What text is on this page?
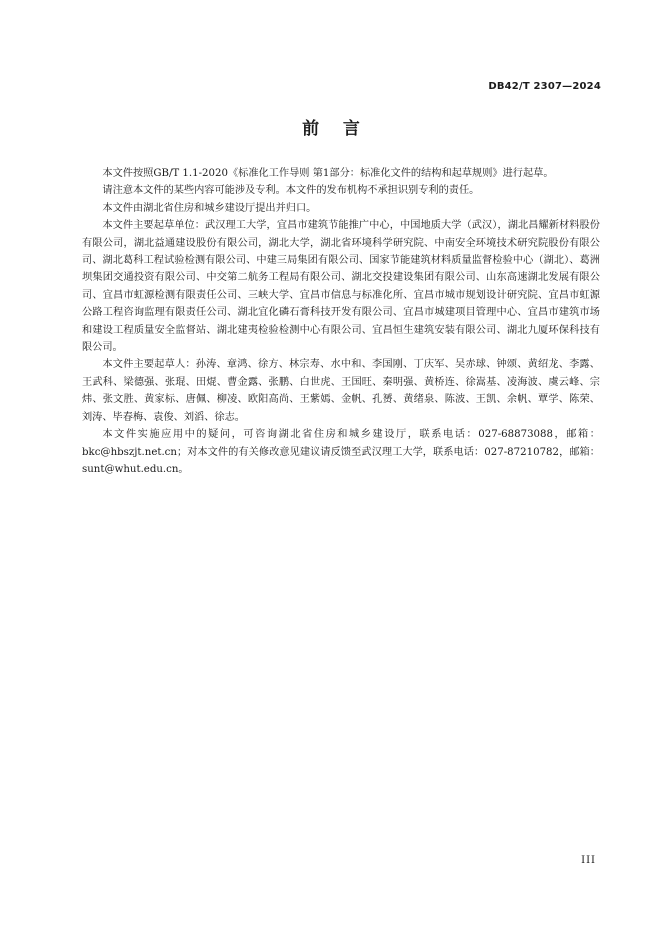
DB42/T 2307—2024
前    言

本文件按照GB/T 1.1-2020《标准化工作导则 第1部分：标准化文件的结构和起草规则》进行起草。

请注意本文件的某些内容可能涉及专利。本文件的发布机构不承担识别专利的责任。

本文件由湖北省住房和城乡建设厅提出并归口。

本文件主要起草单位：武汉理工大学，宜昌市建筑节能推广中心，中国地质大学（武汉），湖北昌耀新材料股份有限公司，湖北益通建设股份有限公司，湖北大学，湖北省环境科学研究院、中南安全环境技术研究院股份有限公司、湖北葛科工程试验检测有限公司、中建三局集团有限公司、国家节能建筑材料质量监督检验中心（湖北）、葛洲坝集团交通投资有限公司、中交第二航务工程局有限公司、湖北交投建设集团有限公司、山东高速湖北发展有限公司、宜昌市虹源检测有限责任公司、三峡大学、宜昌市信息与标准化所、宜昌市城市规划设计研究院、宜昌市虹源公路工程咨询监理有限责任公司、湖北宜化磷石膏科技开发有限公司、宜昌市城建项目管理中心、宜昌市建筑市场和建设工程质量安全监督站、湖北建夷检验检测中心有限公司、宜昌恒生建筑安装有限公司、湖北九厦环保科技有限公司。

本文件主要起草人：孙涛、章鸿、徐方、林宗寿、水中和、李国刚、丁庆军、吴赤球、钟颂、黄绍龙、李露、王武科、梁德强、张琨、田焜、曹金露、张鹏、白世虎、王国旺、秦明强、黄桥连、徐嵩基、凌海波、虞云峰、宗炜、张文胜、黄家标、唐佩、柳凌、欧阳高尚、王紫嫣、金帆、孔赟、黄绪泉、陈波、王凯、余帆、覃学、陈荣、刘涛、毕春梅、袁俊、刘滔、徐志。

本文件实施应用中的疑问，可咨询湖北省住房和城乡建设厅，联系电话：027-68873088，邮箱：bkc@hbszjt.net.cn；对本文件的有关修改意见建议请反馈至武汉理工大学，联系电话：027-87210782，邮箱：sunt@whut.edu.cn。

III
